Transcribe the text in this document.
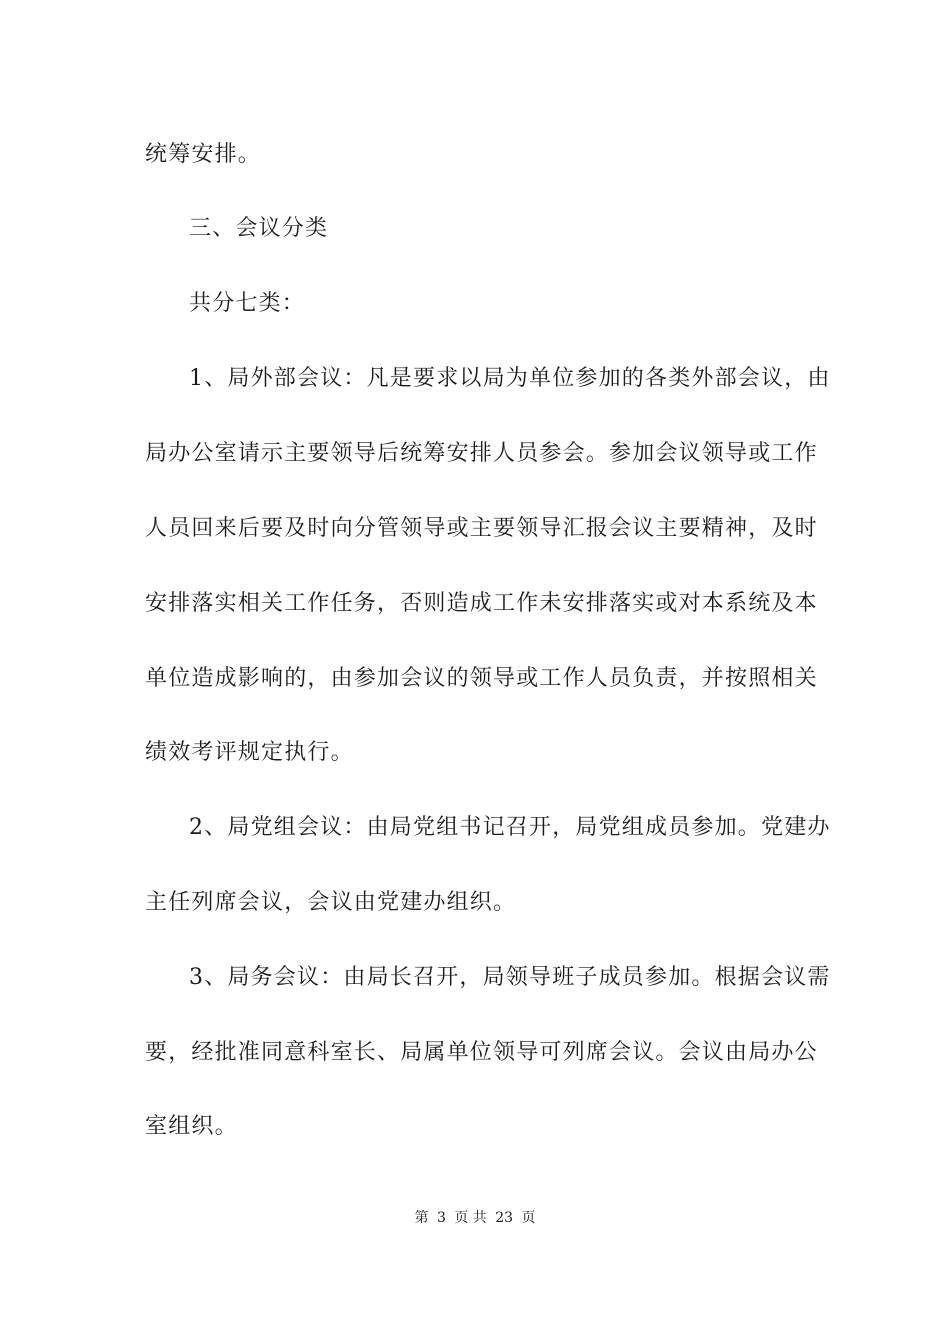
统筹安排。
三、会议分类
共分七类：
1、局外部会议：凡是要求以局为单位参加的各类外部会议，由
局办公室请示主要领导后统筹安排人员参会。参加会议领导或工作
人员回来后要及时向分管领导或主要领导汇报会议主要精神，及时
安排落实相关工作任务，否则造成工作未安排落实或对本系统及本
单位造成影响的，由参加会议的领导或工作人员负责，并按照相关
绩效考评规定执行。
2、局党组会议：由局党组书记召开，局党组成员参加。党建办
主任列席会议，会议由党建办组织。
3、局务会议：由局长召开，局领导班子成员参加。根据会议需
要，经批准同意科室长、局属单位领导可列席会议。会议由局办公
室组织。
第 3 页 共 23 页
